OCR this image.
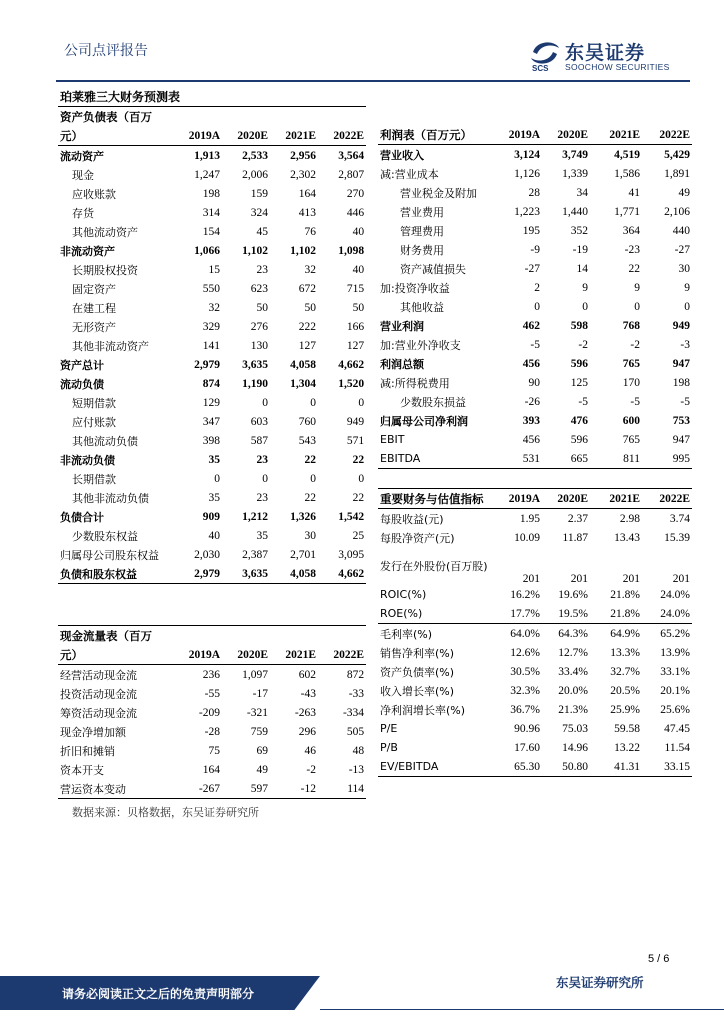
公司点评报告
SCS
东吴证券
SOOCHOW SECURITIES
珀莱雅三大财务预测表
资产负债表（百万				
元）	2019A	2020E	2021E	2022E
流动资产	1,913	2,533	2,956	3,564
现金	1,247	2,006	2,302	2,807
应收账款	198	159	164	270
存货	314	324	413	446
其他流动资产	154	45	76	40
非流动资产	1,066	1,102	1,102	1,098
长期股权投资	15	23	32	40
固定资产	550	623	672	715
在建工程	32	50	50	50
无形资产	329	276	222	166
其他非流动资产	141	130	127	127
资产总计	2,979	3,635	4,058	4,662
流动负债	874	1,190	1,304	1,520
短期借款	129	0	0	0
应付账款	347	603	760	949
其他流动负债	398	587	543	571
非流动负债	35	23	22	22
长期借款	0	0	0	0
其他非流动负债	35	23	22	22
负债合计	909	1,212	1,326	1,542
少数股东权益	40	35	30	25
归属母公司股东权益	2,030	2,387	2,701	3,095
负债和股东权益	2,979	3,635	4,058	4,662
利润表（百万元）	2019A	2020E	2021E	2022E
营业收入	3,124	3,749	4,519	5,429
减:营业成本	1,126	1,339	1,586	1,891
营业税金及附加	28	34	41	49
营业费用	1,223	1,440	1,771	2,106
管理费用	195	352	364	440
财务费用	-9	-19	-23	-27
资产减值损失	-27	14	22	30
加:投资净收益	2	9	9	9
其他收益	0	0	0	0
营业利润	462	598	768	949
加:营业外净收支	-5	-2	-2	-3
利润总额	456	596	765	947
减:所得税费用	90	125	170	198
少数股东损益	-26	-5	-5	-5
归属母公司净利润	393	476	600	753
EBIT	456	596	765	947
EBITDA	531	665	811	995
重要财务与估值指标	2019A	2020E	2021E	2022E
每股收益(元)	1.95	2.37	2.98	3.74
每股净资产(元)	10.09	11.87	13.43	15.39
发行在外股份(百万股)	201	201	201	201
ROIC(%)	16.2%	19.6%	21.8%	24.0%
ROE(%)	17.7%	19.5%	21.8%	24.0%
毛利率(%)	64.0%	64.3%	64.9%	65.2%
销售净利率(%)	12.6%	12.7%	13.3%	13.9%
资产负债率(%)	30.5%	33.4%	32.7%	33.1%
收入增长率(%)	32.3%	20.0%	20.5%	20.1%
净利润增长率(%)	36.7%	21.3%	25.9%	25.6%
P/E	90.96	75.03	59.58	47.45
P/B	17.60	14.96	13.22	11.54
EV/EBITDA	65.30	50.80	41.31	33.15
现金流量表（百万				
元）	2019A	2020E	2021E	2022E
经营活动现金流	236	1,097	602	872
投资活动现金流	-55	-17	-43	-33
筹资活动现金流	-209	-321	-263	-334
现金净增加额	-28	759	296	505
折旧和摊销	75	69	46	48
资本开支	164	49	-2	-13
营运资本变动	-267	597	-12	114
数据来源：贝格数据，东吴证券研究所
5 / 6
请务必阅读正文之后的免责声明部分
东吴证券研究所
